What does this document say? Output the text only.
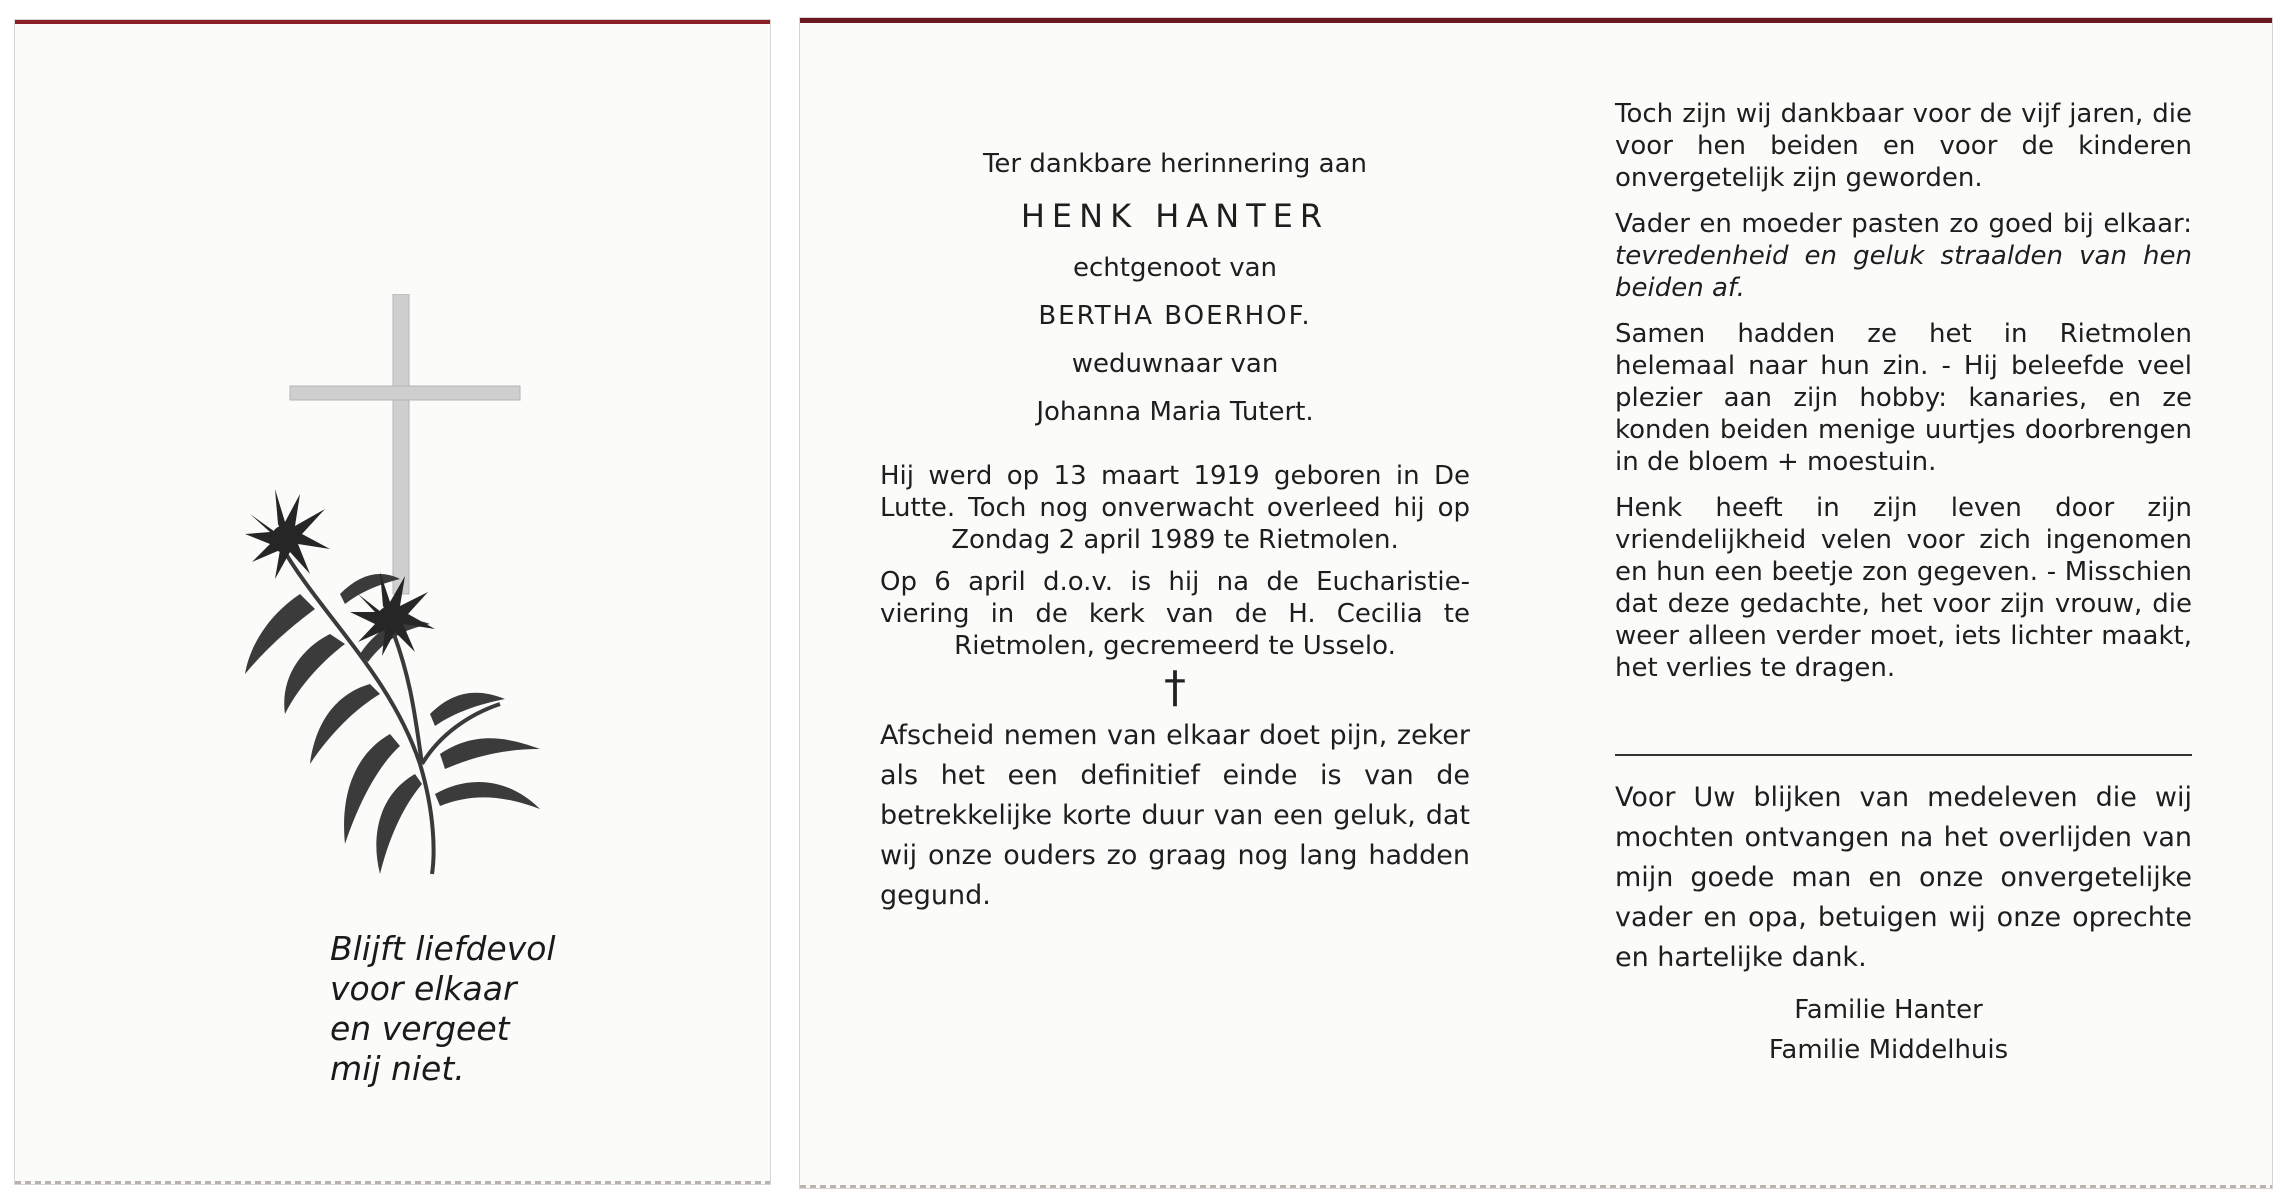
Blijft liefdevol
voor elkaar
en vergeet
mij niet.
Ter dankbare herinnering aan
HENK HANTER
echtgenoot van
BERTHA BOERHOF.
weduwnaar van
Johanna Maria Tutert.
Hij werd op 13 maart 1919 geboren in De Lutte. Toch nog onverwacht overleed hij op Zondag 2 april 1989 te Rietmolen.
Op 6 april d.o.v. is hij na de Eucharistie-viering in de kerk van de H. Cecilia te Rietmolen, gecremeerd te Usselo.
†
Afscheid nemen van elkaar doet pijn, zeker als het een definitief einde is van de betrekkelijke korte duur van een geluk, dat wij onze ouders zo graag nog lang hadden gegund.
Toch zijn wij dankbaar voor de vijf jaren, die voor hen beiden en voor de kinderen onvergetelijk zijn geworden.
Vader en moeder pasten zo goed bij elkaar: tevredenheid en geluk straalden van hen beiden af.
Samen hadden ze het in Rietmolen helemaal naar hun zin. - Hij beleefde veel plezier aan zijn hobby: kanaries, en ze konden beiden menige uurtjes doorbrengen in de bloem + moestuin.
Henk heeft in zijn leven door zijn vriendelijkheid velen voor zich ingenomen en hun een beetje zon gegeven. - Misschien dat deze gedachte, het voor zijn vrouw, die weer alleen verder moet, iets lichter maakt, het verlies te dragen.
Voor Uw blijken van medeleven die wij mochten ontvangen na het overlijden van mijn goede man en onze onvergetelijke vader en opa, betuigen wij onze oprechte en hartelijke dank.
Familie Hanter
Familie Middelhuis
